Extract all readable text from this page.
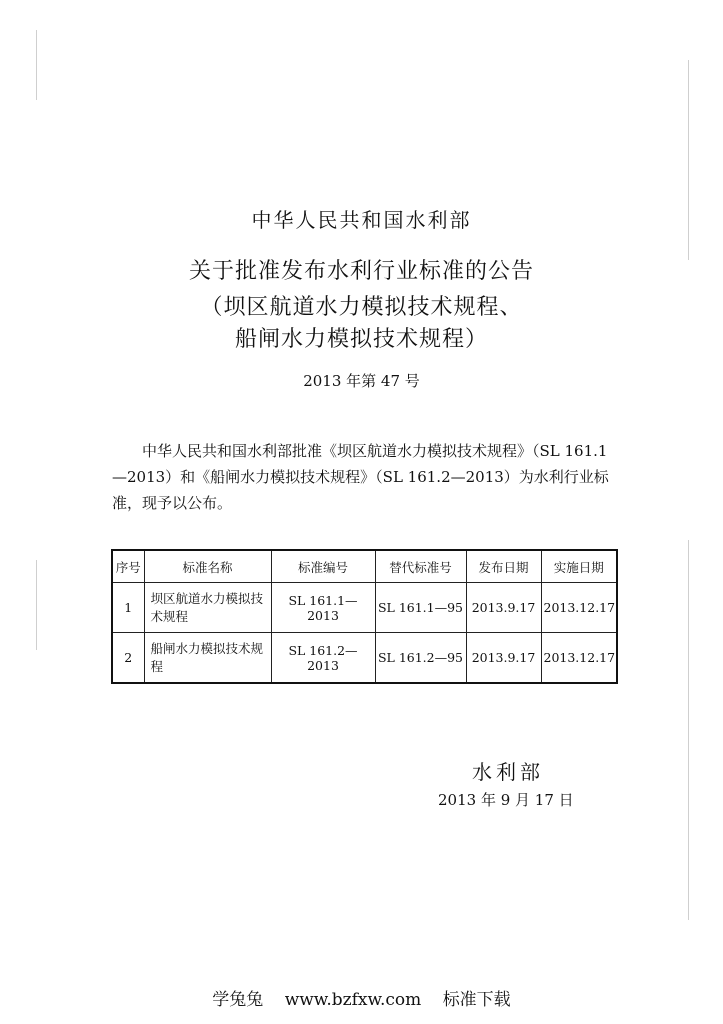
中华人民共和国水利部
关于批准发布水利行业标准的公告
（坝区航道水力模拟技术规程、
船闸水力模拟技术规程）
2013 年第 47 号

中华人民共和国水利部批准《坝区航道水力模拟技术规程》（SL 161.1—2013）和《船闸水力模拟技术规程》（SL 161.2—2013）为水利行业标准，现予以公布。

序号	标准名称	标准编号	替代标准号	发布日期	实施日期
1	坝区航道水力模拟技术规程	SL 161.1—2013	SL 161.1—95	2013.9.17	2013.12.17
2	船闸水力模拟技术规程	SL 161.2—2013	SL 161.2—95	2013.9.17	2013.12.17
水利部
2013 年 9 月 17 日
学兔兔 www.bzfxw.com 标准下载
